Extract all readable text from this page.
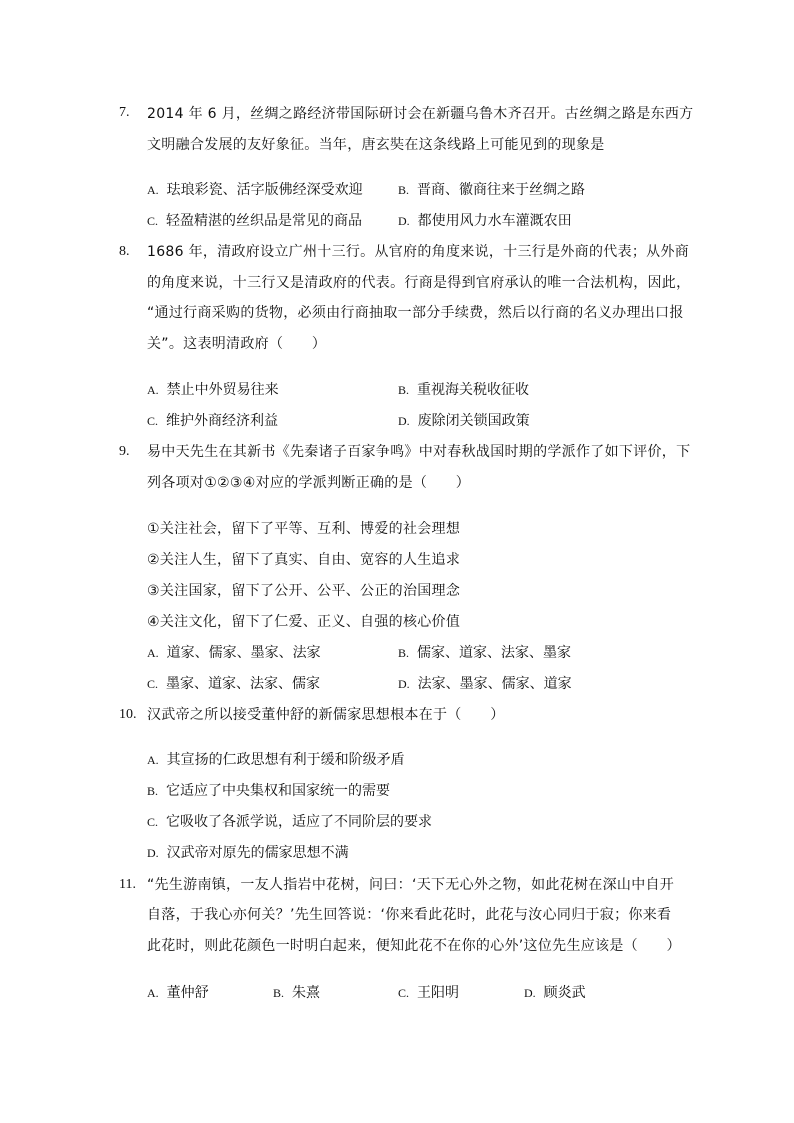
7. 2014 年 6 月，丝绸之路经济带国际研讨会在新疆乌鲁木齐召开。古丝绸之路是东西方
文明融合发展的友好象征。当年，唐玄奘在这条线路上可能见到的现象是
A. 珐琅彩瓷、活字版佛经深受欢迎	B. 晋商、徽商往来于丝绸之路
C. 轻盈精湛的丝织品是常见的商品	D. 都使用风力水车灌溉农田
8. 1686 年，清政府设立广州十三行。从官府的角度来说，十三行是外商的代表；从外商
的角度来说，十三行又是清政府的代表。行商是得到官府承认的唯一合法机构，因此，
“通过行商采购的货物，必须由行商抽取一部分手续费，然后以行商的名义办理出口报
关”。这表明清政府（　　）
A. 禁止中外贸易往来	B. 重视海关税收征收
C. 维护外商经济利益	D. 废除闭关锁国政策
9. 易中天先生在其新书《先秦诸子百家争鸣》中对春秋战国时期的学派作了如下评价，下
列各项对①②③④对应的学派判断正确的是（　　）
①关注社会，留下了平等、互利、博爱的社会理想
②关注人生，留下了真实、自由、宽容的人生追求
③关注国家，留下了公开、公平、公正的治国理念
④关注文化，留下了仁爱、正义、自强的核心价值
A. 道家、儒家、墨家、法家	B. 儒家、道家、法家、墨家
C. 墨家、道家、法家、儒家	D. 法家、墨家、儒家、道家
10. 汉武帝之所以接受董仲舒的新儒家思想根本在于（　　）
A. 其宣扬的仁政思想有利于缓和阶级矛盾
B. 它适应了中央集权和国家统一的需要
C. 它吸收了各派学说，适应了不同阶层的要求
D. 汉武帝对原先的儒家思想不满
11. “先生游南镇，一友人指岩中花树，问曰：‘天下无心外之物，如此花树在深山中自开
自落，于我心亦何关？’先生回答说：‘你来看此花时，此花与汝心同归于寂；你来看
此花时，则此花颜色一时明白起来，便知此花不在你的心外’这位先生应该是（　　）
A. 董仲舒	B. 朱熹	C. 王阳明	D. 顾炎武
